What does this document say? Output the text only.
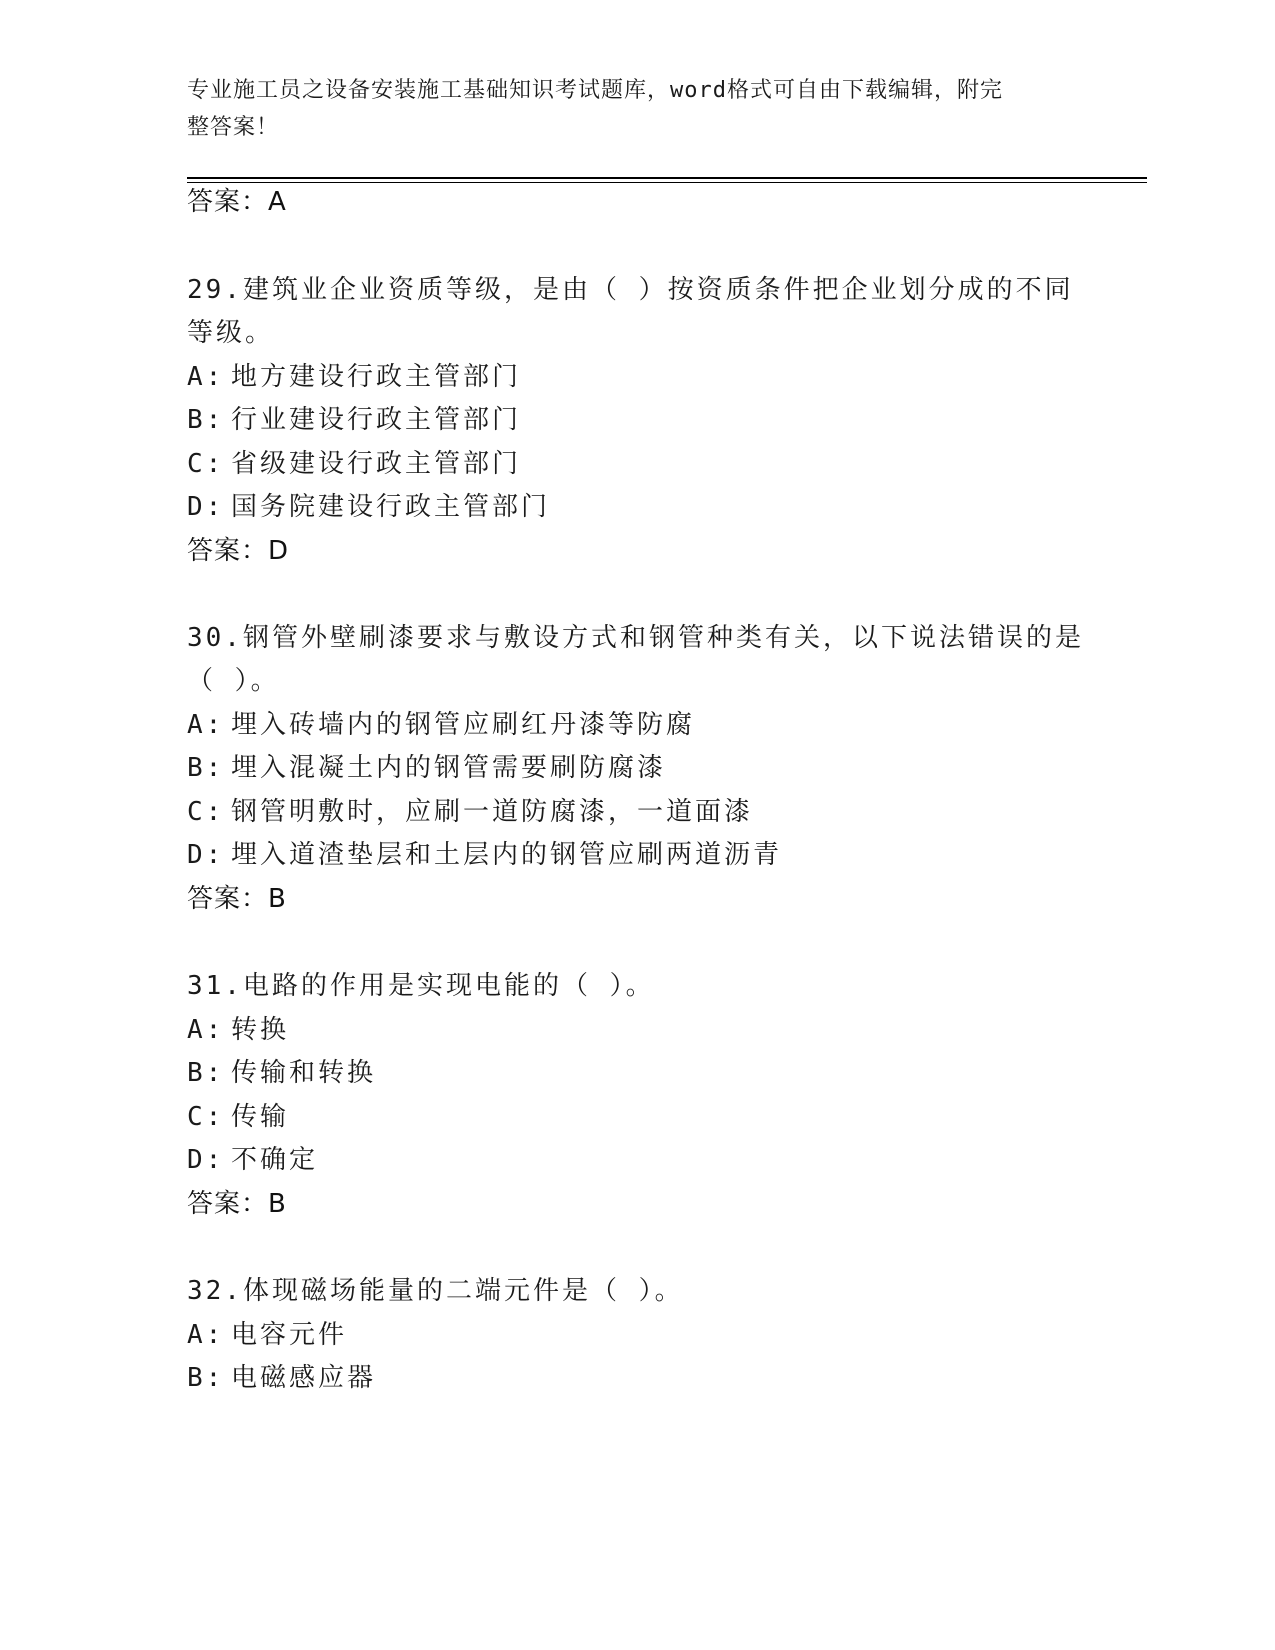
专业施工员之设备安装施工基础知识考试题库，word格式可自由下载编辑，附完
整答案！
答案：A
29.建筑业企业资质等级，是由（ ）按资质条件把企业划分成的不同
等级。
A: 地方建设行政主管部门
B: 行业建设行政主管部门
C: 省级建设行政主管部门
D: 国务院建设行政主管部门
答案：D
30.钢管外壁刷漆要求与敷设方式和钢管种类有关，以下说法错误的是
（ ）。
A: 埋入砖墙内的钢管应刷红丹漆等防腐
B: 埋入混凝土内的钢管需要刷防腐漆
C: 钢管明敷时，应刷一道防腐漆，一道面漆
D: 埋入道渣垫层和土层内的钢管应刷两道沥青
答案：B
31.电路的作用是实现电能的（ ）。
A: 转换
B: 传输和转换
C: 传输
D: 不确定
答案：B
32.体现磁场能量的二端元件是（ ）。
A: 电容元件
B: 电磁感应器
